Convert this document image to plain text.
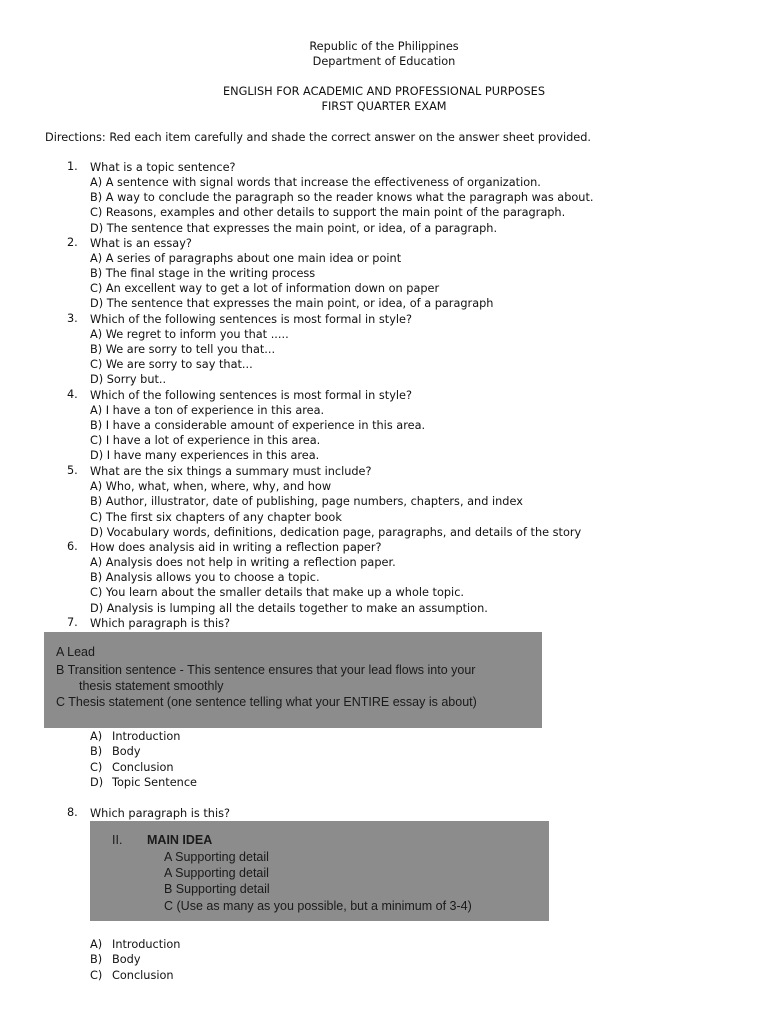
Republic of the Philippines
Department of Education
ENGLISH FOR ACADEMIC AND PROFESSIONAL PURPOSES
FIRST QUARTER EXAM
Directions: Red each item carefully and shade the correct answer on the answer sheet provided.
1. What is a topic sentence?
A) A sentence with signal words that increase the effectiveness of organization.
B) A way to conclude the paragraph so the reader knows what the paragraph was about.
C) Reasons, examples and other details to support the main point of the paragraph.
D) The sentence that expresses the main point, or idea, of a paragraph.
2. What is an essay?
A) A series of paragraphs about one main idea or point
B) The final stage in the writing process
C) An excellent way to get a lot of information down on paper
D) The sentence that expresses the main point, or idea, of a paragraph
3. Which of the following sentences is most formal in style?
A) We regret to inform you that .....
B) We are sorry to tell you that...
C) We are sorry to say that...
D) Sorry but..
4. Which of the following sentences is most formal in style?
A) I have a ton of experience in this area.
B) I have a considerable amount of experience in this area.
C) I have a lot of experience in this area.
D) I have many experiences in this area.
5. What are the six things a summary must include?
A) Who, what, when, where, why, and how
B) Author, illustrator, date of publishing, page numbers, chapters, and index
C) The first six chapters of any chapter book
D) Vocabulary words, definitions, dedication page, paragraphs, and details of the story
6. How does analysis aid in writing a reflection paper?
A) Analysis does not help in writing a reflection paper.
B) Analysis allows you to choose a topic.
C) You learn about the smaller details that make up a whole topic.
D) Analysis is lumping all the details together to make an assumption.
7. Which paragraph is this?
A Lead
B Transition sentence - This sentence ensures that your lead flows into your
thesis statement smoothly
C Thesis statement (one sentence telling what your ENTIRE essay is about)
A) Introduction
B) Body
C) Conclusion
D) Topic Sentence
8. Which paragraph is this?
II. MAIN IDEA
A Supporting detail
A Supporting detail
B Supporting detail
C (Use as many as you possible, but a minimum of 3-4)
A) Introduction
B) Body
C) Conclusion
